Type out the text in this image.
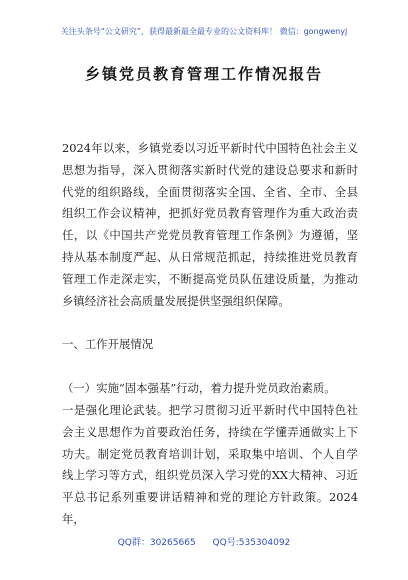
关注头条号“公文研究”，获得最新最全最专业的公文资料库！ 微信：gongwenyj
乡镇党员教育管理工作情况报告

2024年以来，乡镇党委以习近平新时代中国特色社会主义思想为指导，深入贯彻落实新时代党的建设总要求和新时代党的组织路线，全面贯彻落实全国、全省、全市、全县组织工作会议精神，把抓好党员教育管理作为重大政治责任，以《中国共产党党员教育管理工作条例》为遵循，坚持从基本制度严起、从日常规范抓起，持续推进党员教育管理工作走深走实，不断提高党员队伍建设质量，为推动乡镇经济社会高质量发展提供坚强组织保障。

一、工作开展情况

（一）实施“固本强基”行动，着力提升党员政治素质。

一是强化理论武装。把学习贯彻习近平新时代中国特色社会主义思想作为首要政治任务，持续在学懂弄通做实上下功夫。制定党员教育培训计划，采取集中培训、个人自学线上学习等方式，组织党员深入学习党的XX大精神、习近平总书记系列重要讲话精神和党的理论方针政策。2024年，

QQ群：30265665 QQ号:535304092
